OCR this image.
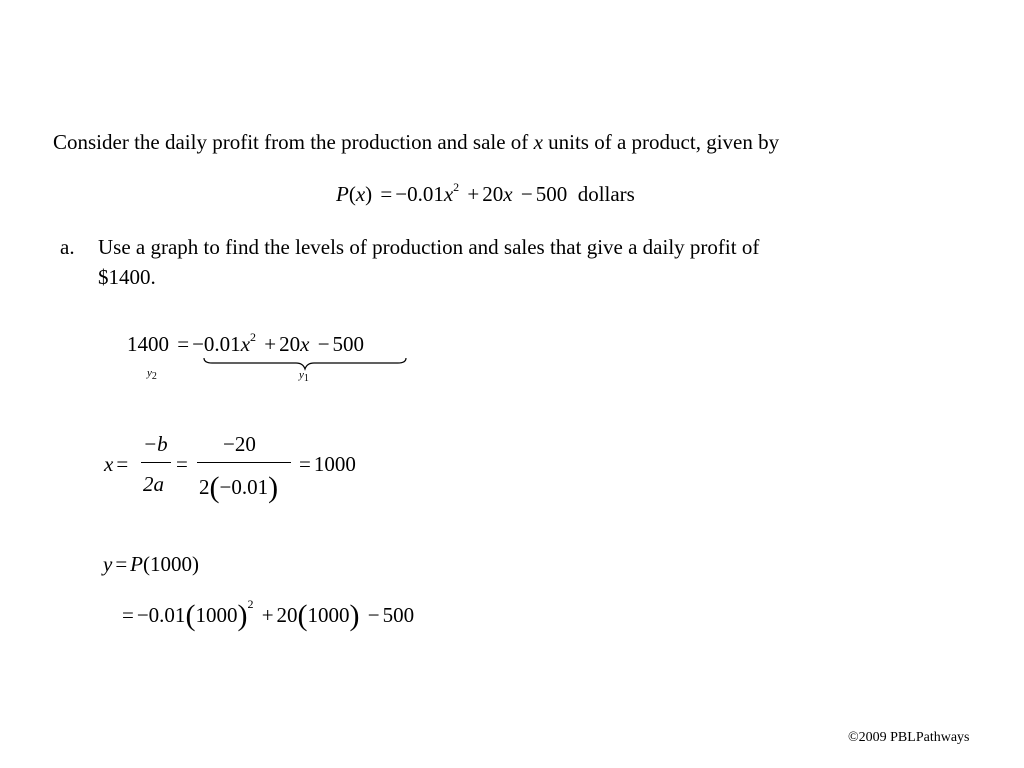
Consider the daily profit from the production and sale of x units of a product, given by
$P(x) = -0.01x^2 + 20x - 500$ dollars
a. Use a graph to find the levels of production and sales that give a daily profit of
$1400.
$1400 = -0.01x^2 + 20x - 500$
$y_2$	$y_1$
x =
−b
2a
=
−20
2(−0.01)
= 1000
y = P(1000)
= $-0.01(1000)^2 + 20(1000) - 500$
©2009 PBLPathways
